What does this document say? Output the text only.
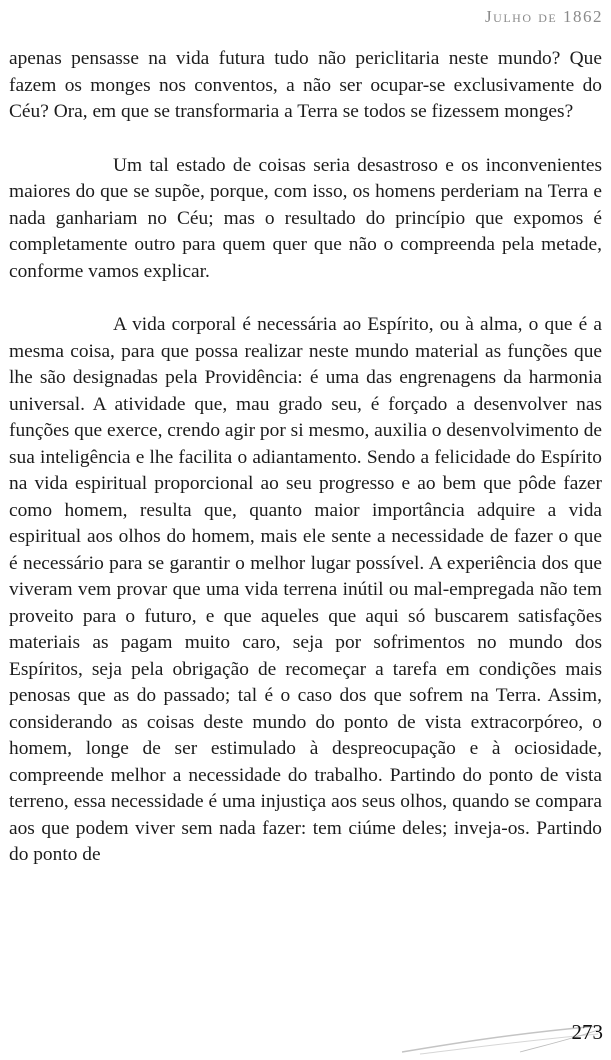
Julho de 1862

apenas pensasse na vida futura tudo não periclitaria neste mundo? Que fazem os monges nos conventos, a não ser ocupar-se exclusivamente do Céu? Ora, em que se transformaria a Terra se todos se fizessem monges?

Um tal estado de coisas seria desastroso e os inconvenientes maiores do que se supõe, porque, com isso, os homens perderiam na Terra e nada ganhariam no Céu; mas o resultado do princípio que expomos é completamente outro para quem quer que não o compreenda pela metade, conforme vamos explicar.

A vida corporal é necessária ao Espírito, ou à alma, o que é a mesma coisa, para que possa realizar neste mundo material as funções que lhe são designadas pela Providência: é uma das engrenagens da harmonia universal. A atividade que, mau grado seu, é forçado a desenvolver nas funções que exerce, crendo agir por si mesmo, auxilia o desenvolvimento de sua inteligência e lhe facilita o adiantamento. Sendo a felicidade do Espírito na vida espiritual proporcional ao seu progresso e ao bem que pôde fazer como homem, resulta que, quanto maior importância adquire a vida espiritual aos olhos do homem, mais ele sente a necessidade de fazer o que é necessário para se garantir o melhor lugar possível. A experiência dos que viveram vem provar que uma vida terrena inútil ou mal-empregada não tem proveito para o futuro, e que aqueles que aqui só buscarem satisfações materiais as pagam muito caro, seja por sofrimentos no mundo dos Espíritos, seja pela obrigação de recomeçar a tarefa em condições mais penosas que as do passado; tal é o caso dos que sofrem na Terra. Assim, considerando as coisas deste mundo do ponto de vista extracorpóreo, o homem, longe de ser estimulado à despreocupação e à ociosidade, compreende melhor a necessidade do trabalho. Partindo do ponto de vista terreno, essa necessidade é uma injustiça aos seus olhos, quando se compara aos que podem viver sem nada fazer: tem ciúme deles; inveja-os. Partindo do ponto de

273
